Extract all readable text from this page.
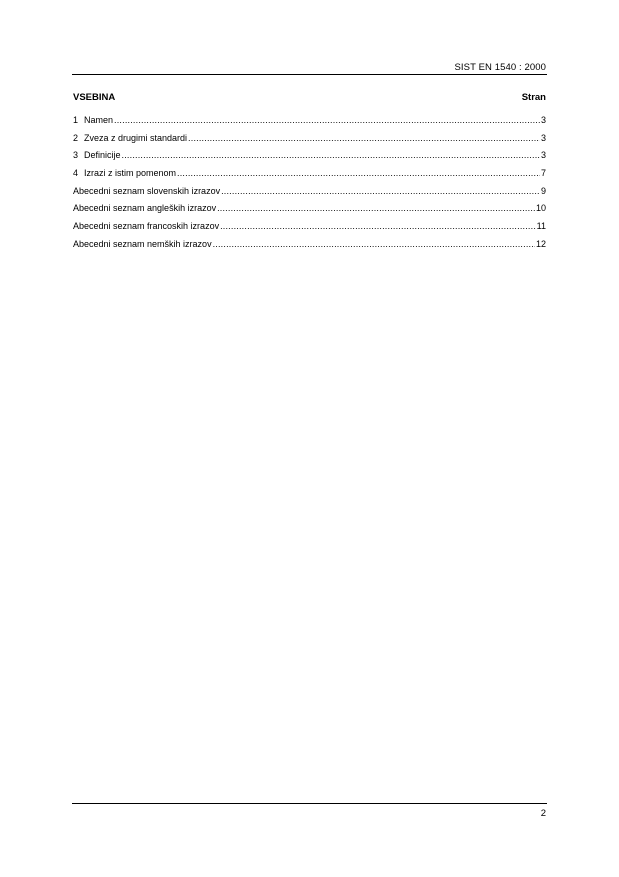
SIST EN 1540 : 2000
VSEBINA	Stran
1 Namen .....	3
2 Zveza z drugimi standardi .....	3
3 Definicije .....	3
4 Izrazi z istim pomenom .....	7
Abecedni seznam slovenskih izrazov .....	9
Abecedni seznam angleških izrazov .....	10
Abecedni seznam francoskih izrazov .....	11
Abecedni seznam nemških izrazov .....	12
2
